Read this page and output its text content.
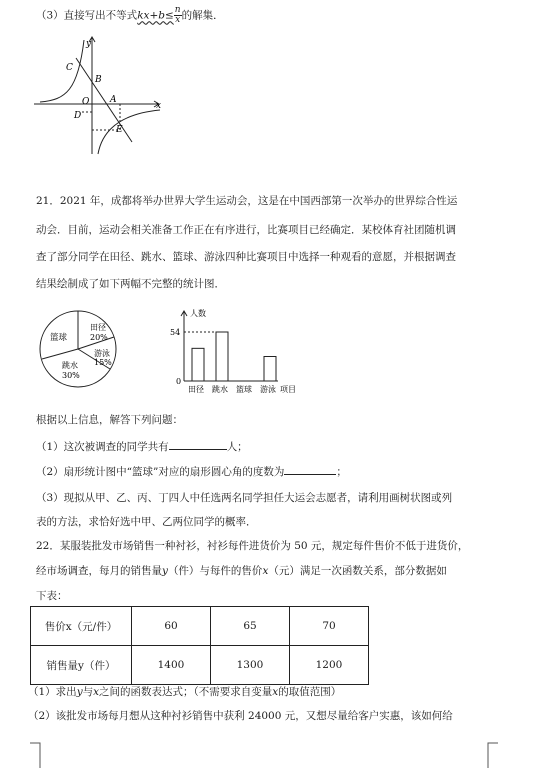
（3）直接写出不等式$kx+b\le \frac{n}{x}$ 的解集．
y
x
C
B
O A
D
E
21．2021 年，成都将举办世界大学生运动会，这是在中国西部第一次举办的世界综合性运
动会．目前，运动会相关准备工作正在有序进行，比赛项目已经确定．某校体育社团随机调
查了部分同学在田径、跳水、篮球、游泳四种比赛项目中选择一种观看的意愿，并根据调查
结果绘制成了如下两幅不完整的统计图．
篮球
田径
20%
游泳
15%
跳水
30%
人数
54
0
项目
田径 跳水 篮球 游泳
根据以上信息，解答下列问题：
（1）这次被调查的同学共有	人；
（2）扇形统计图中“篮球”对应的扇形圆心角的度数为	；
（3）现拟从甲、乙、丙、丁四人中任选两名同学担任大运会志愿者，请利用画树状图或列
表的方法，求恰好选中甲、乙两位同学的概率．
22．某服装批发市场销售一种衬衫，衬衫每件进货价为 50 元，规定每件售价不低于进货价，
经市场调查，每月的销售量y（件）与每件的售价x（元）满足一次函数关系，部分数据如
下表：
售价x（元/件）	60	65	70
销售量y（件）	1400	1300	1200
（1）求出y与x之间的函数表达式；（不需要求自变量x的取值范围）
（2）该批发市场每月想从这种衬衫销售中获利 24000 元，又想尽量给客户实惠，该如何给
